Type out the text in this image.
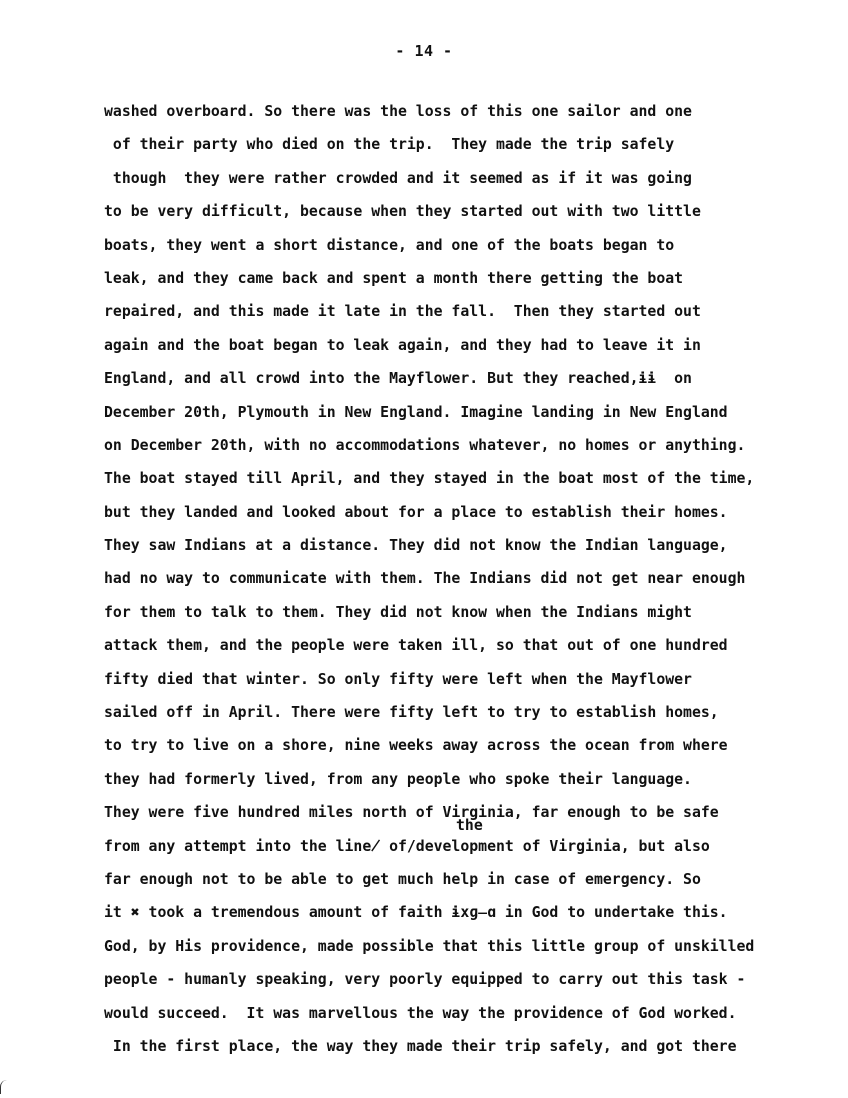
- 14 -
the
washed overboard. So there was the loss of this one sailor and one
of their party who died on the trip.  They made the trip safely
though  they were rather crowded and it seemed as if it was going
to be very difficult, because when they started out with two little
boats, they went a short distance, and one of the boats began to
leak, and they came back and spent a month there getting the boat
repaired, and this made it late in the fall.  Then they started out
again and the boat began to leak again, and they had to leave it in
England, and all crowd into the Mayflower. But they reached,ɨɨ  on
December 20th, Plymouth in New England. Imagine landing in New England
on December 20th, with no accommodations whatever, no homes or anything.
The boat stayed till April, and they stayed in the boat most of the time,
but they landed and looked about for a place to establish their homes.
They saw Indians at a distance. They did not know the Indian language,
had no way to communicate with them. The Indians did not get near enough
for them to talk to them. They did not know when the Indians might
attack them, and the people were taken ill, so that out of one hundred
fifty died that winter. So only fifty were left when the Mayflower
sailed off in April. There were fifty left to try to establish homes,
to try to live on a shore, nine weeks away across the ocean from where
they had formerly lived, from any people who spoke their language.
They were five hundred miles north of Virginia, far enough to be safe
from any attempt into the line̸ of/development of Virginia, but also
far enough not to be able to get much help in case of emergency. So
it ✖ took a tremendous amount of faith ɨxɡ̶ɑ in God to undertake this.
God, by His providence, made possible that this little group of unskilled
people - humanly speaking, very poorly equipped to carry out this task -
would succeed.  It was marvellous the way the providence of God worked.
In the first place, the way they made their trip safely, and got there
